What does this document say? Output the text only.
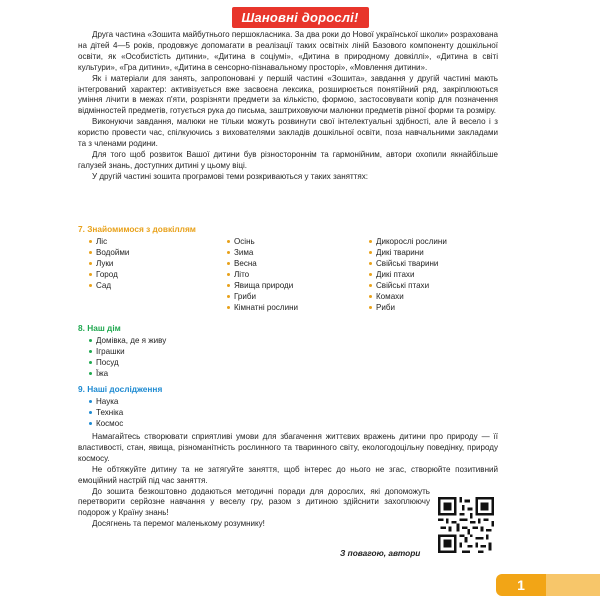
Шановні дорослі!

Друга частина «Зошита майбутнього першокласника. За два роки до Нової української школи» розрахована на дітей 4—5 років, продовжує допомагати в реалізації таких освітніх ліній Базового компоненту дошкільної освіти, як «Особистість дитини», «Дитина в соціумі», «Дитина в природному довкіллі», «Дитина в світі культури», «Гра дитини», «Дитина в сенсорно-пізнавальному просторі», «Мовлення дитини».

Як і матеріали для занять, запропоновані у першій частині «Зошита», завдання у другій частині мають інтегрований характер: активізується вже засвоєна лексика, розширюється понятійний ряд, закріплюються уміння лічити в межах п'яти, розрізняти предмети за кількістю, формою, застосовувати копір для позначення відмінностей предметів, готується рука до письма, заштриховуючи малюнки предметів різної форми та розміру.

Виконуючи завдання, малюки не тільки можуть розвинути свої інтелектуальні здібності, але й весело і з користю провести час, спілкуючись з вихователями закладів дошкільної освіти, поза навчальними закладами та з членами родини.

Для того щоб розвиток Вашої дитини був різностороннім та гармонійним, автори охопили якнайбільше галузей знань, доступних дитині у цьому віці.

У другій частині зошита програмові теми розкриваються у таких заняттях:

7. Знайомимося з довкіллям
Ліс
Водойми
Луки
Город
Сад
Осінь
Зима
Весна
Літо
Явища природи
Гриби
Кімнатні рослини
Дикорослі рослини
Дикі тварини
Свійські тварини
Дикі птахи
Свійські птахи
Комахи
Риби
8. Наш дім
Домівка, де я живу
Іграшки
Посуд
Їжа
9. Наші дослідження
Наука
Техніка
Космос

Намагайтесь створювати сприятливі умови для збагачення життєвих вражень дитини про природу — її властивості, стан, явища, різноманітність рослинного та тваринного світу, екологодоцільну поведінку, природу космосу.

Не обтяжуйте дитину та не затягуйте заняття, щоб інтерес до нього не згас, створюйте позитивний емоційний настрій під час заняття.

До зошита безкоштовно додаються методичні поради для дорослих, які допоможуть перетворити серйозне навчання у веселу гру, разом з дитиною здійснити захоплюючу подорож у Країну знань!

Досягнень та перемог маленькому розумнику!

З повагою, автори
1
